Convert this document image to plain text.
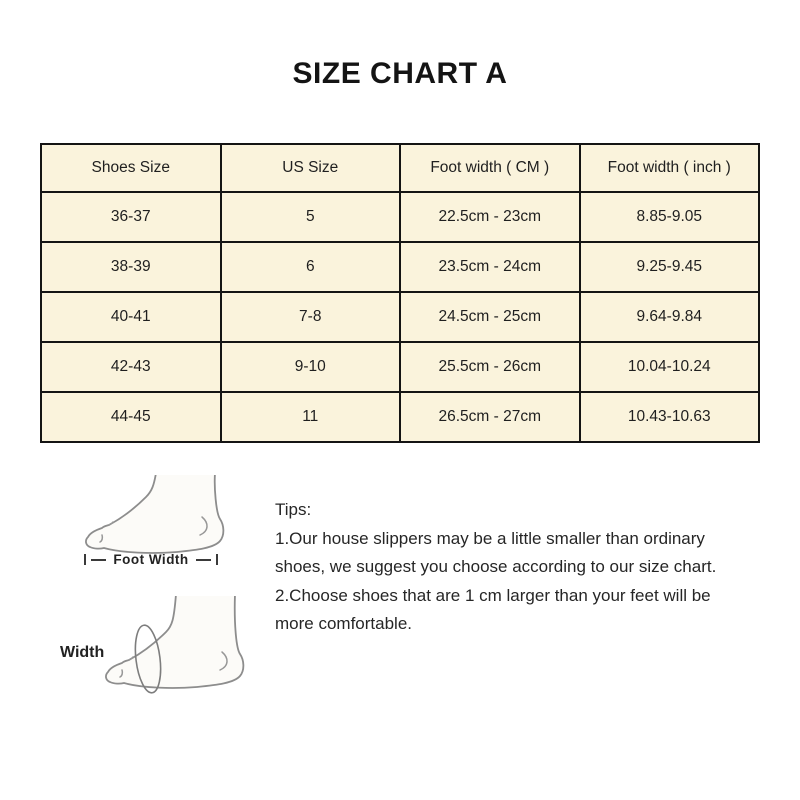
SIZE CHART A
Shoes Size	US Size	Foot width ( CM )	Foot width ( inch )
36-37	5	22.5cm - 23cm	8.85-9.05
38-39	6	23.5cm - 24cm	9.25-9.45
40-41	7-8	24.5cm - 25cm	9.64-9.84
42-43	9-10	25.5cm - 26cm	10.04-10.24
44-45	11	26.5cm - 27cm	10.43-10.63
Foot Width
Tips:
1.Our house slippers may be a little smaller than ordinary
shoes, we suggest you choose according to our size chart.
2.Choose shoes that are 1 cm larger than your feet will be
more comfortable.
Width
